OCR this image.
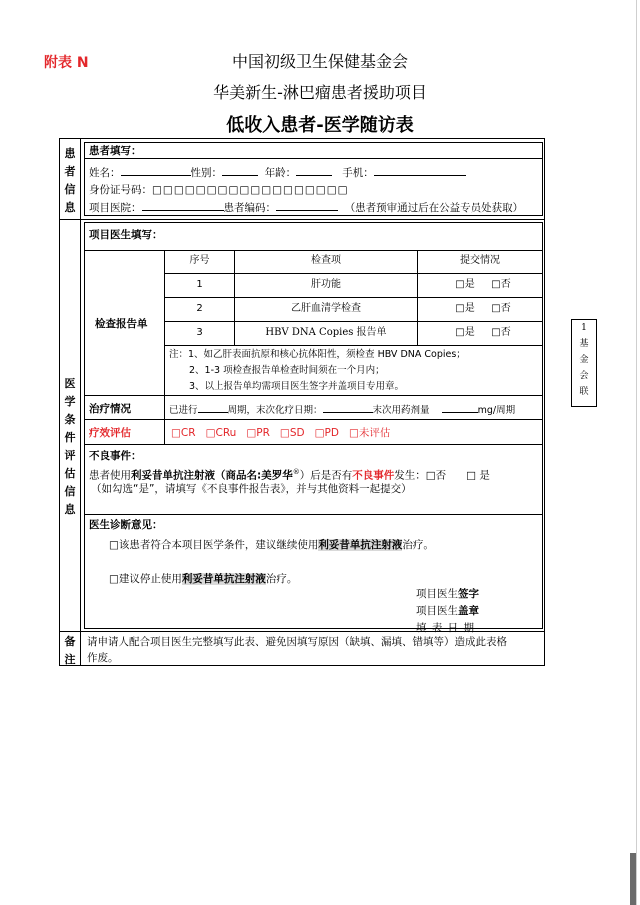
附表 N	中国初级卫生保健基金会
华美新生-淋巴瘤患者援助项目
低收入患者-医学随访表
患
者
信
息
患者填写：
姓名：	性别：	年龄：	手机：
身份证号码：□□□□□□□□□□□□□□□□□□
项目医院：	患者编码：	（患者预审通过后在公益专员处获取）
医
学
条
件
评
估
信
息
项目医生填写：
检查报告单
序号	检查项	提交情况
1	肝功能	□是	□否
2	乙肝血清学检查	□是	□否
3	HBV DNA Copies 报告单	□是	□否
注：1、如乙肝表面抗原和核心抗体阳性，须检查 HBV DNA Copies；
2、1-3 项检查报告单检查时间须在一个月内；
3、以上报告单均需项目医生签字并盖项目专用章。
治疗情况	已进行	周期，末次化疗日期：	末次用药剂量	mg/周期
疗效评估	□CR □CRu □PR □SD □PD □未评估
不良事件：
患者使用利妥昔单抗注射液（商品名:美罗华®）后是否有不良事件发生：□否 □ 是
（如勾选“是”，请填写《不良事件报告表》，并与其他资料一起提交）
医生诊断意见：
□该患者符合本项目医学条件，建议继续使用利妥昔单抗注射液治疗。
□建议停止使用利妥昔单抗注射液治疗。
项目医生签字
项目医生盖章
填 表 日 期
备
注
请申请人配合项目医生完整填写此表、避免因填写原因（缺填、漏填、错填等）造成此表格
作废。
1
基
金
会
联
